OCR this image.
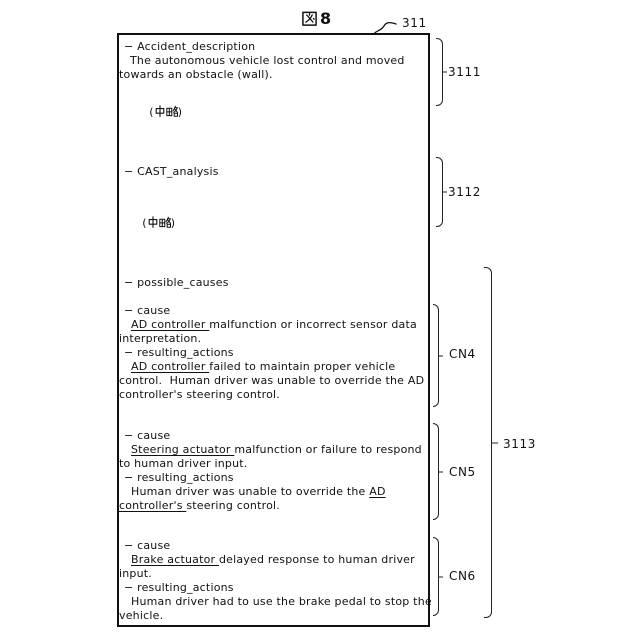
8	311
− Accident_description
The autonomous vehicle lost control and moved
towards an obstacle (wall).

( )

− CAST_analysis

( )

− possible_causes
− cause
AD controller malfunction or incorrect sensor data
interpretation.
− resulting_actions
AD controller failed to maintain proper vehicle
control.  Human driver was unable to override the AD
controller's steering control.
− cause
Steering actuator malfunction or failure to respond
to human driver input.
− resulting_actions
Human driver was unable to override the AD
controller's steering control.
− cause
Brake actuator delayed response to human driver
input.
− resulting_actions
Human driver had to use the brake pedal to stop the
vehicle.
3111
3112
CN4
CN5
CN6
3113
